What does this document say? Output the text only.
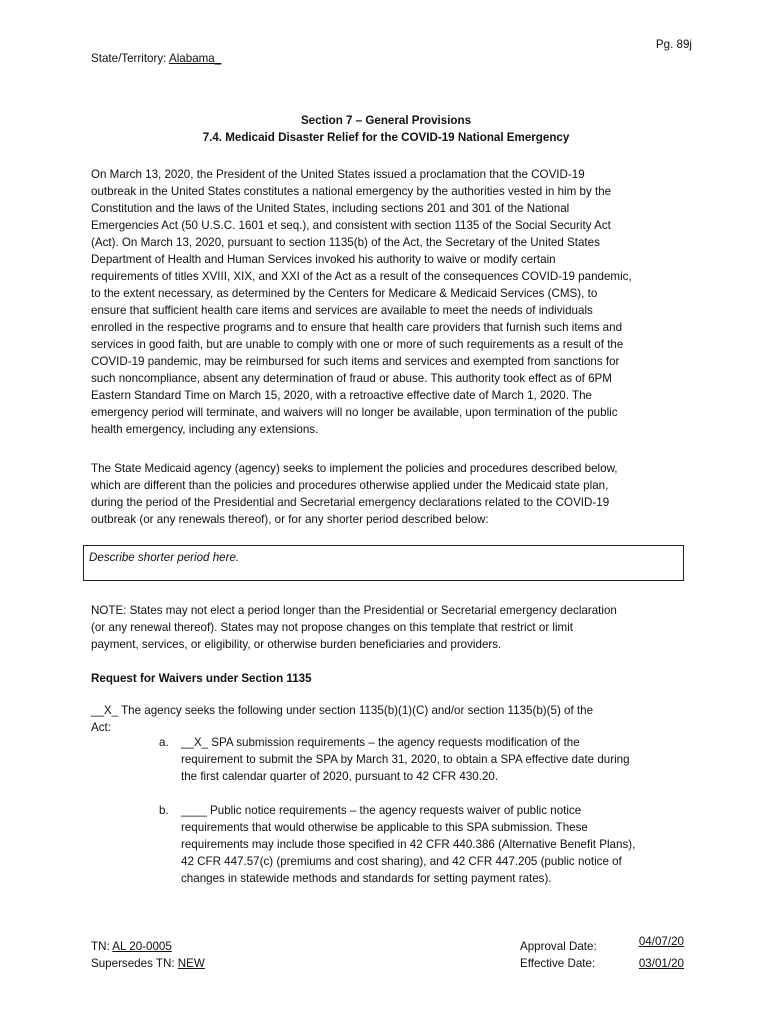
Pg. 89j
State/Territory: Alabama_
Section 7 – General Provisions
7.4. Medicaid Disaster Relief for the COVID-19 National Emergency
On March 13, 2020, the President of the United States issued a proclamation that the COVID-19
outbreak in the United States constitutes a national emergency by the authorities vested in him by the
Constitution and the laws of the United States, including sections 201 and 301 of the National
Emergencies Act (50 U.S.C. 1601 et seq.), and consistent with section 1135 of the Social Security Act
(Act). On March 13, 2020, pursuant to section 1135(b) of the Act, the Secretary of the United States
Department of Health and Human Services invoked his authority to waive or modify certain
requirements of titles XVIII, XIX, and XXI of the Act as a result of the consequences COVID-19 pandemic,
to the extent necessary, as determined by the Centers for Medicare & Medicaid Services (CMS), to
ensure that sufficient health care items and services are available to meet the needs of individuals
enrolled in the respective programs and to ensure that health care providers that furnish such items and
services in good faith, but are unable to comply with one or more of such requirements as a result of the
COVID-19 pandemic, may be reimbursed for such items and services and exempted from sanctions for
such noncompliance, absent any determination of fraud or abuse. This authority took effect as of 6PM
Eastern Standard Time on March 15, 2020, with a retroactive effective date of March 1, 2020. The
emergency period will terminate, and waivers will no longer be available, upon termination of the public
health emergency, including any extensions.
The State Medicaid agency (agency) seeks to implement the policies and procedures described below,
which are different than the policies and procedures otherwise applied under the Medicaid state plan,
during the period of the Presidential and Secretarial emergency declarations related to the COVID-19
outbreak (or any renewals thereof), or for any shorter period described below:
Describe shorter period here.
NOTE: States may not elect a period longer than the Presidential or Secretarial emergency declaration
(or any renewal thereof). States may not propose changes on this template that restrict or limit
payment, services, or eligibility, or otherwise burden beneficiaries and providers.
Request for Waivers under Section 1135
__X_ The agency seeks the following under section 1135(b)(1)(C) and/or section 1135(b)(5) of the
Act:
a. __X_ SPA submission requirements – the agency requests modification of the
requirement to submit the SPA by March 31, 2020, to obtain a SPA effective date during
the first calendar quarter of 2020, pursuant to 42 CFR 430.20.
b. ____ Public notice requirements – the agency requests waiver of public notice
requirements that would otherwise be applicable to this SPA submission. These
requirements may include those specified in 42 CFR 440.386 (Alternative Benefit Plans),
42 CFR 447.57(c) (premiums and cost sharing), and 42 CFR 447.205 (public notice of
changes in statewide methods and standards for setting payment rates).
TN: AL 20-0005
Supersedes TN: NEW
Approval Date:	04/07/20
Effective Date:	03/01/20
